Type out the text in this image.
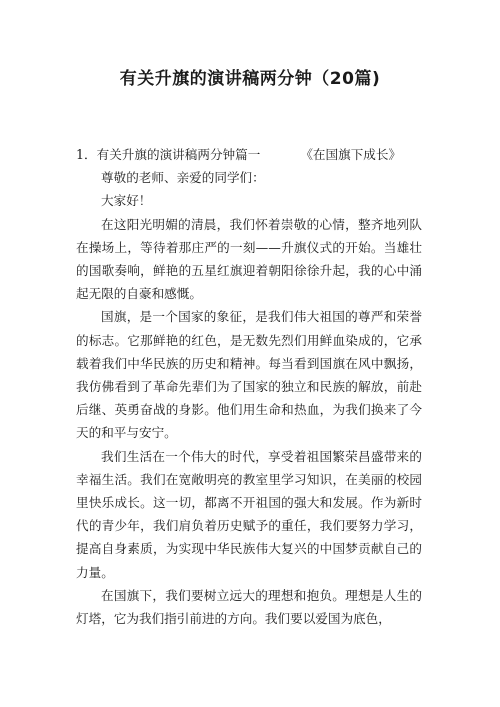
有关升旗的演讲稿两分钟（20篇)

1．有关升旗的演讲稿两分钟篇一	《在国旗下成长》

尊敬的老师、亲爱的同学们：

大家好！

在这阳光明媚的清晨，我们怀着崇敬的心情，整齐地列队在操场上，等待着那庄严的一刻——升旗仪式的开始。当雄壮的国歌奏响，鲜艳的五星红旗迎着朝阳徐徐升起，我的心中涌起无限的自豪和感慨。

国旗，是一个国家的象征，是我们伟大祖国的尊严和荣誉的标志。它那鲜艳的红色，是无数先烈们用鲜血染成的，它承载着我们中华民族的历史和精神。每当看到国旗在风中飘扬，我仿佛看到了革命先辈们为了国家的独立和民族的解放，前赴后继、英勇奋战的身影。他们用生命和热血，为我们换来了今天的和平与安宁。

我们生活在一个伟大的时代，享受着祖国繁荣昌盛带来的幸福生活。我们在宽敞明亮的教室里学习知识，在美丽的校园里快乐成长。这一切，都离不开祖国的强大和发展。作为新时代的青少年，我们肩负着历史赋予的重任，我们要努力学习，提高自身素质，为实现中华民族伟大复兴的中国梦贡献自己的力量。

在国旗下，我们要树立远大的理想和抱负。理想是人生的灯塔，它为我们指引前进的方向。我们要以爱国为底色，
